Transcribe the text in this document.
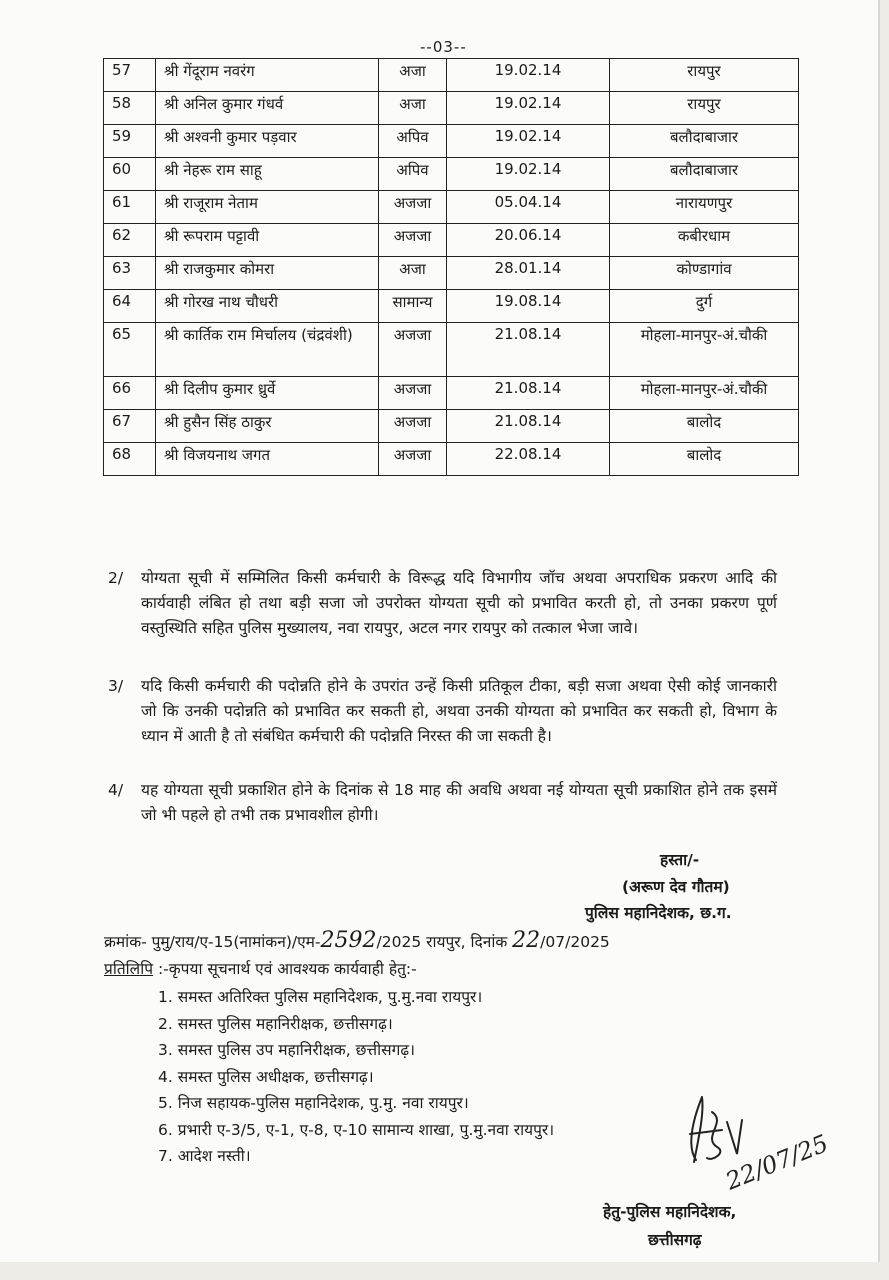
--03--
57	श्री गेंदूराम नवरंग	अजा	19.02.14	रायपुर
58	श्री अनिल कुमार गंधर्व	अजा	19.02.14	रायपुर
59	श्री अश्वनी कुमार पड़वार	अपिव	19.02.14	बलौदाबाजार
60	श्री नेहरू राम साहू	अपिव	19.02.14	बलौदाबाजार
61	श्री राजूराम नेताम	अजजा	05.04.14	नारायणपुर
62	श्री रूपराम पट्टावी	अजजा	20.06.14	कबीरधाम
63	श्री राजकुमार कोमरा	अजा	28.01.14	कोण्डागांव
64	श्री गोरख नाथ चौधरी	सामान्य	19.08.14	दुर्ग
65	श्री कार्तिक राम मिर्चालय (चंद्रवंशी)	अजजा	21.08.14	मोहला-मानपुर-अं.चौकी
66	श्री दिलीप कुमार ध्रुर्वे	अजजा	21.08.14	मोहला-मानपुर-अं.चौकी
67	श्री हुसैन सिंह ठाकुर	अजजा	21.08.14	बालोद
68	श्री विजयनाथ जगत	अजजा	22.08.14	बालोद
2/ योग्यता सूची में सम्मिलित किसी कर्मचारी के विरूद्ध यदि विभागीय जॉच अथवा अपराधिक प्रकरण आदि की कार्यवाही लंबित हो तथा बड़ी सजा जो उपरोक्त योग्यता सूची को प्रभावित करती हो, तो उनका प्रकरण पूर्ण वस्तुस्थिति सहित पुलिस मुख्यालय, नवा रायपुर, अटल नगर रायपुर को तत्काल भेजा जावे।
3/ यदि किसी कर्मचारी की पदोन्नति होने के उपरांत उन्हें किसी प्रतिकूल टीका, बड़ी सजा अथवा ऐसी कोई जानकारी जो कि उनकी पदोन्नति को प्रभावित कर सकती हो, अथवा उनकी योग्यता को प्रभावित कर सकती हो, विभाग के ध्यान में आती है तो संबंधित कर्मचारी की पदोन्नति निरस्त की जा सकती है।
4/ यह योग्यता सूची प्रकाशित होने के दिनांक से 18 माह की अवधि अथवा नई योग्यता सूची प्रकाशित होने तक इसमें जो भी पहले हो तभी तक प्रभावशील होगी।
हस्ता/-
(अरूण देव गौतम)
पुलिस महानिदेशक, छ.ग.
क्रमांक- पुमु/राय/ए-15(नामांकन)/एम-2592/2025 रायपुर, दिनांक 22/07/2025
प्रतिलिपि :-कृपया सूचनार्थ एवं आवश्यक कार्यवाही हेतु:-
1. समस्त अतिरिक्त पुलिस महानिदेशक, पु.मु.नवा रायपुर।
2. समस्त पुलिस महानिरीक्षक, छत्तीसगढ़।
3. समस्त पुलिस उप महानिरीक्षक, छत्तीसगढ़।
4. समस्त पुलिस अधीक्षक, छत्तीसगढ़।
5. निज सहायक-पुलिस महानिदेशक, पु.मु. नवा रायपुर।
6. प्रभारी ए-3/5, ए-1, ए-8, ए-10 सामान्य शाखा, पु.मु.नवा रायपुर।
7. आदेश नस्ती।	22/07/25
हेतु-पुलिस महानिदेशक,
छत्तीसगढ़
